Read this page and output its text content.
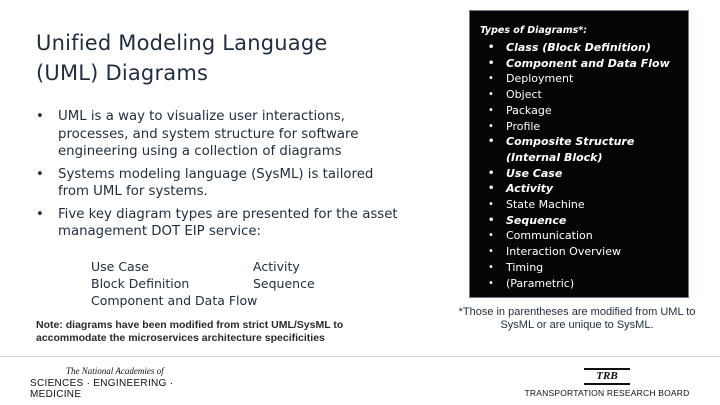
Unified Modeling Language
(UML) Diagrams
• UML is a way to visualize user interactions, processes, and system structure for software engineering using a collection of diagrams
• Systems modeling language (SysML) is tailored from UML for systems.
• Five key diagram types are presented for the asset management DOT EIP service:
Use Case	Activity
Block Definition	Sequence
Component and Data Flow
Note: diagrams have been modified from strict UML/SysML to accommodate the microservices architecture specificities
Types of Diagrams*:
• Class (Block Definition)
• Component and Data Flow
• Deployment
• Object
• Package
• Profile
• Composite Structure (Internal Block)
• Use Case
• Activity
• State Machine
• Sequence
• Communication
• Interaction Overview
• Timing
• (Parametric)
*Those in parentheses are modified from UML to SysML or are unique to SysML.
The National Academies of
SCIENCES · ENGINEERING · MEDICINE
TRB
TRANSPORTATION RESEARCH BOARD
